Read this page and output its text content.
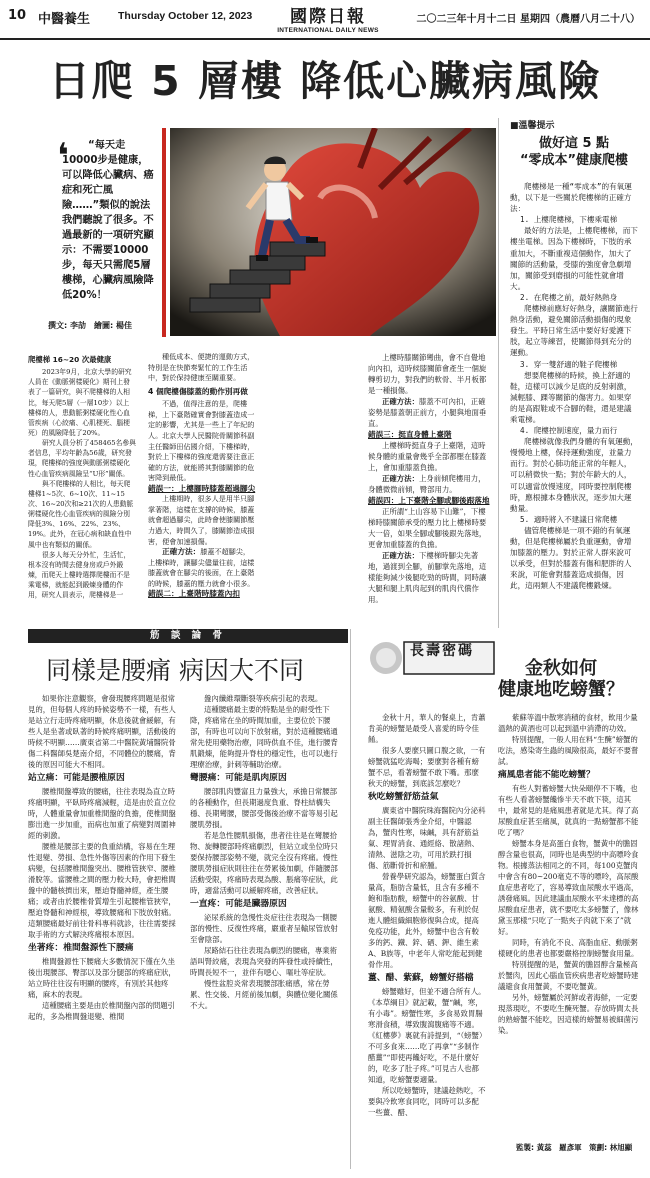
10 中醫養生	Thursday October 12, 2023	國際日報
INTERNATIONAL DAILY NEWS
二〇二三年十月十二日 星期四（農曆八月二十八）
日爬 5 層樓 降低心臟病風險
“每天走10000步是健康，可以降低心臟病、癌症和死亡風險……”類似的說法我們聽說了很多。不過最新的一項研究顯示：不需要10000步，每天只需爬5層樓梯，心臟病風險降低20%！
❛
撰文: 李劼　繪圖: 楊佳
■溫馨提示
做好這 5 點
“零成本”健康爬樓

爬樓梯是一種“零成本”的有氧運動，以下是一些關於爬樓梯的正確方法：

1. 上樓爬樓梯，下樓乘電梯

最好的方法是，上樓爬樓梯，而下樓坐電梯。因為下樓梯時，下肢的承重加大，不斷重複這個動作，加大了關節的活動量，受膝的強度會急劇增加，關節受到磨損的可能性就會增大。

2. 在爬樓之前，最好熱熱身

爬樓梯前應好好熱身，讓關節進行熱身活動，避免關節活動損傷的現象發生。平時日常生活中要好好愛護下肢，起立等練習，使關節得到充分的運動。

3. 穿一雙舒適的鞋子爬樓梯

想要爬樓梯的時候，換上舒適的鞋，這樣可以減少足底的反射刺激，減輕膝、踝等關節的傷害力。如果穿的是高跟鞋或不合腳的鞋，還是建議乘電梯。

4. 爬樓控制速度，量力而行

爬樓梯就像我們身體的有氧運動，慢慢地上樓，保持運動強度，並量力而行。對於心肺功能正常的年輕人，可以稍微快一點；對於年齡大的人，可以適當放慢速度，同時要控制爬樓時，應根據本身體狀況，逐步加大運動量。

5. 適時將入不建議日常爬樓

儘管爬樓梯是一項不錯的有氧運動，但是爬樓梯屬於負重運動，會增加膝蓋的壓力。對於正常人群來說可以承受，但對於膝蓋有傷和肥胖的人來說，可能會對膝蓋造成損傷，因此，這兩類人不建議爬樓鍛煉。

爬樓梯 16~20 次最健康

2023年9月，北京大學的研究人員在《動脈粥樣硬化》期刊上發表了一篇研究，與不爬樓梯的人相比，每天爬5層（一層10步）以上樓梯的人，患動脈粥樣硬化性心血管疾病（心絞痛、心肌梗死、腦梗死）的風險降低了20%。

研究人員分析了458465名參與者信息，平均年齡為56歲，研究發現，爬樓梯的強度與動脈粥樣硬化性心血管疾病風險呈“U形”關係。

與不爬樓梯的人相比，每天爬樓梯1~5次、6~10次、11~15次、16~20次和≥21次的人患動脈粥樣硬化性心血管疾病的風險分別降低3%、16%、22%、23%、19%。此外，在冠心病和缺血性中風中也有類似的關係。

很多人每天分外忙，生活忙，根本沒有時間去健身房或戶外鍛煉，而爬天上樓時選擇爬樓而不是乘電梯，就能起到鍛煉身體的作用，研究人員表示，爬樓梯是一

種低成本、便捷的運動方式，特別是在快節奏緊忙的工作生活中，對於保持健康至關重要。

4 個爬樓傷膝蓋的動作別再做

不過，值得注意的是，爬樓梯，上下臺階確實會對膝蓋造成一定的影響，尤其是一些上了年紀的人。北京大學人民醫院骨關節科副主任醫師田佔國介紹，下樓梯時，對於上下樓梯的強度還需要注意正確的方法，就能將其對膝關節的危害降到最低。

錯誤一：上樓腳時膝蓋超過腳尖

上樓期時，很多人是用半只腳掌著階，這樣在支撐的時候，膝蓋就會超過腳尖，此時會使膝關節壓力過大，時間久了，膝關節造成損害，便會加速損傷。

正確方法：膝蓋不超腳尖，上樓梯時，讓腳尖儘量往前，這樣膝蓋就會在腳尖的後面，在上臺階的時候，膝蓋的壓力就會小很多。

錯誤二：上臺階時膝蓋內扣

上樓時膝關節彎曲，會不自覺地向內扣，這時候膝關節會產生一個旋轉剪切力，對我們的軟骨、半月板都是一種損傷。

正確方法：膝蓋不可內扣，正確姿勢是膝蓋朝正前方，小腿與地面垂直。

錯誤三：挺直身體上臺階

上樓梯時挺直身子上臺階，這時候身體的重量會幾乎全部都壓在膝蓋上，會加重膝蓋負擔。

正確方法：上身前傾爬樓用力，身體微微前傾，臀部用力。

錯誤四：上下臺階全腳或腳後跟落地

正所謂“上山容易下山難”，下樓梯時膝關節承受的壓力比上樓梯時要大一倍，如果全腳或腳後跟先落地，更會加重膝蓋的負擔。

正確方法：下樓梯時腳尖先著地，過渡到全腳，前腳掌先落地，這樣能夠減少後腿吃勁的時間，同時讓大腿和腿上肌肉起到的肌肉代償作用。

筋 談 論 骨
同樣是腰痛 病因大不同

如果你注意觀察，會發現腰疼問題是很常見的，但每個人疼的時候姿勢不一樣，有些人是站立行走時疼痛明顯，休息後就會緩解，有些人是坐著或臥著的時候疼痛明顯，活動後的時候不明顯……廣東省第二中醫院黃埔醫院骨傷二科醫師吳楚南介紹，不同體位的腰痛，背後的原因可能大不相同。

站立痛：可能是腰椎原因

腰椎間盤導致的腰痛，往往表現為直立時疼痛明顯，平臥時疼痛減輕，這是由於直立位時，人體重量會加重椎間盤的負擔，使椎間盤膨出進一步加重，而病也加重了病變對周圍神經的刺激。

腰椎是腰部主要的負重結構，容易在生理性退變、勞損、急性外傷等因素的作用下發生病變，包括腰椎間盤突出、腰椎管狹窄、腰椎滑脫等。當腰椎之間的壓力較大時，會把椎間盤中的髓核擠出來，壓迫脊髓神經，產生腰痛；或者由於腰椎骨質增生引起腰椎管狹窄，壓迫脊髓和神經根，導致腰痛和下肢放射痛。這類腰痛最好前往骨科專科就診，往往需要採取手術的方式解決疼痛根本原因。

坐著疼：椎間盤源性下腰痛

椎間盤源性下腰痛大多數情況下僅在久坐後出現腰部、臀部以及部分腿部的疼痛症狀，站立時往往沒有明顯的腰疼，有別於其他疼痛，麻木的表現。

這種腰痛主要是由於椎間盤內部的問題引起的，多為椎間盤退變、椎間

盤內纖維環斷裂等疾病引起的表現。

這種腰痛最主要的特點是坐的耐受性下降，疼痛常在坐的時間加重，主要位於下腰部，有時也可以向下放射痛，對於這種腰痛通常先使用藥物治療，同時供血不佳，進行腰背肌鍛煉，能夠提升脊柱的穩定性，也可以進行理療治療，針刺等輔助治療。

彎腰痛：可能是肌肉原因

腰部肌肉豐富且力量強大，承擔日常腰部的各種動作，但長期過度負重、脊柱結構失穩、長期彎腰，腰部受傷後治療不當等易引起腰肌勞損。

若是急性腰肌損傷，患者往往是在彎腰拾物、旋轉腰部時疼痛劇烈，但站立或坐位時只要保持腰部姿勢不變，就完全沒有疼痛。慢性腰肌勞損症狀則往往在勞累後加劇，伴隨腰部活動受限，疼痛時表現為酸、脹痛等症狀，此時，適當活動可以緩解疼痛，改善症狀。

一直疼：可能是臟器原因

泌尿系統的急慢性炎症往往表現為一側腰部的慢性、反復性疼痛，嚴重者呈輸尿管放射至會陰部。

尿路結石往往表現為劇烈的腰痛，專業術語叫腎絞痛，表現為突發的阵發性或持續性，時間長短不一，並伴有噁心、嘔吐等症狀。

慢性盆腔炎常表現腰部胀痛感，常在勞累、性交後、月經前後加劇，與體位變化關係不大。

長壽密碼
金秋如何
健康地吃螃蟹？

金秋十月，華人的餐桌上，肯蕭肯美的螃蟹是最受人喜愛的時令佳餚。

很多人要麼只圖口腹之欲，一有螃蟹就猛吃海喝；要麼對各種有螃蟹不忌，看著螃蟹不敢下嘴。那麼秋天的螃蟹，到底該怎麼吃？

秋吃螃蟹舒筋益氣

廣東省中醫院珠海醫院內分泌科副主任醫師張秀金介紹，中醫認為，蟹肉性寒，味鹹，具有舒筋益氣、理胃消食、通經絡、散諸熱、清熱、滋陰之功，可用於跌打損傷、筋斷骨折和瘀腫。

營養學研究認為，螃蟹蛋白質含量高，脂肪含量低，且含有多種不飽和脂肪酸，螃蟹中的谷氨酸、甘氨酸、精氨酸含量較多，有利於促進人體組織細胞修復與合成，提高免疫功能，此外，螃蟹中也含有較多的鈣、鐵、鋅、硒、鉀、維生素A、B族等，中老年人常吃能起到健骨作用。

薑、醋、紫蘇，螃蟹好搭檔

螃蟹雖好，但並不適合所有人。《本草綱目》就記載，蟹“鹹，寒，有小毒”。螃蟹性寒，多食易致胃腸寒滑食積，導致腹瀉腹痛等不適。《紅樓夢》裏就有詩提到，“（螃蟹）不可多食來……吃了再拿”“多制作醋薑”“即使再饞好吃，不是什麼好的，吃多了肚子疼。”可見古人也都知道，吃螃蟹要適量。

所以吃螃蟹時，建議趁熱吃，不要與冷飲寒食同吃，同時可以多配一些薑、醋、

紫蘇等溫中散寒消積的食材，飲用少量溫熱的黃酒也可以起到溫中消滯的功效。

特別提醒，一般人用在料“生醃”螃蟹的吃法，感染寄生蟲的風險很高，最好不要嘗試。

痛風患者能不能吃螃蟹？

有些人對蓄螃蟹大快朵頤停不下嘴，也有些人看著螃蟹饞慘半天不敢下筷，這其中，最常見的是痛風患者就是尤其。得了高尿酸血症甚至痛風，就真的一點螃蟹都不能吃了嗎？

螃蟹本身是高蛋白食物，蟹黃中的膽固醇含量也很高，同時也是典型的中高嘌呤食物。根據蒸法相同之的不同，每100克蟹肉中會含有80~200毫克不等的嘌呤，高尿酸血症患者吃了，容易導致血尿酸水平過高，誘發痛風。因此建議血尿酸水平未達標的高尿酸血症患者，就不要吃太多螃蟹了，像林黛玉那樣“只吃了一點夾子肉就下來了”就好。

同時，有消化不良、高脂血症、動脈粥樣硬化的患者也都要嚴格控制螃蟹食用量。

特別提醒的是，蟹黃的膽固醇含量極高於蟹肉，因此心腦血管疾病患者吃螃蟹時建議避食食用蟹黃，不要吃蟹黃。

另外，螃蟹屬於河鮮或者海鮮，一定要現蒸現吃，不要吃生醃死蟹。存放時間太長的熟螃蟹不能吃，因這樣的螃蟹易被細菌污染。

監製: 黃蕊　羅彥軍　策劃: 林旭顯
